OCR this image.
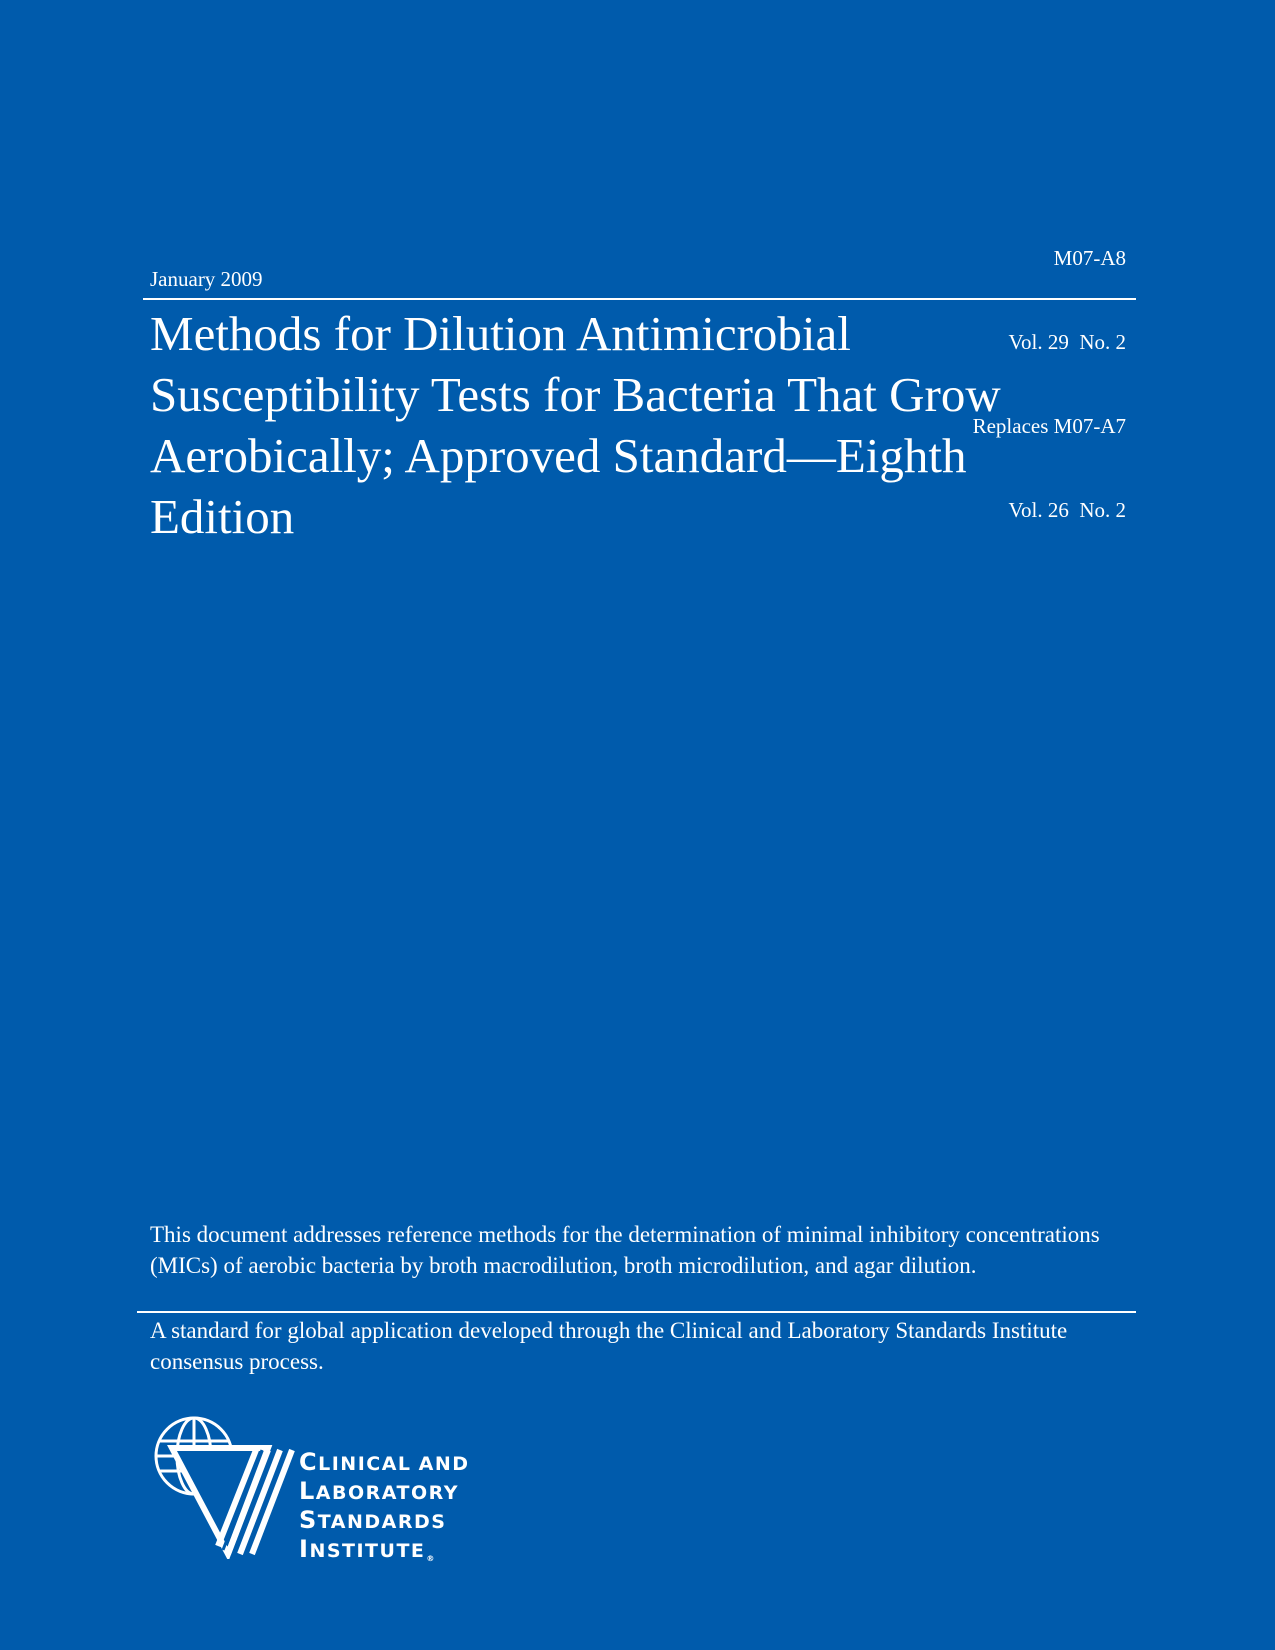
M07-A8

Vol. 29  No. 2

Replaces M07-A7

Vol. 26  No. 2

January 2009
Methods for Dilution Antimicrobial Susceptibility Tests for Bacteria That Grow Aerobically; Approved Standard—Eighth Edition

This document addresses reference methods for the determination of minimal inhibitory concentrations (MICs) of aerobic bacteria by broth macrodilution, broth microdilution, and agar dilution.

A standard for global application developed through the Clinical and Laboratory Standards Institute consensus process.

CLINICAL AND
LABORATORY
STANDARDS
INSTITUTE®
